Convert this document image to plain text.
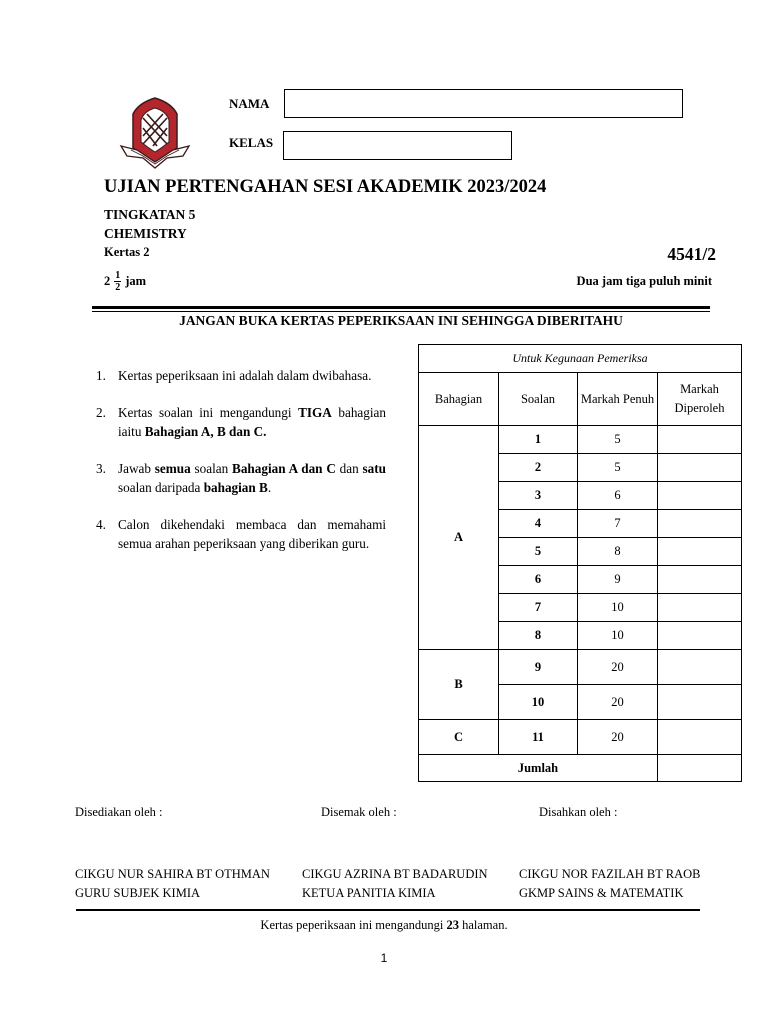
NAMA
KELAS
UJIAN PERTENGAHAN SESI AKADEMIK 2023/2024
TINGKATAN 5
CHEMISTRY
Kertas 2	4541/2
$2 \frac{1}{2}$ jam	Dua jam tiga puluh minit
JANGAN BUKA KERTAS PEPERIKSAAN INI SEHINGGA DIBERITAHU
1. Kertas peperiksaan ini adalah dalam dwibahasa.
2. Kertas soalan ini mengandungi TIGA bahagian iaitu Bahagian A, B dan C.
3. Jawab semua soalan Bahagian A dan C dan satu soalan daripada bahagian B.
4. Calon dikehendaki membaca dan memahami semua arahan peperiksaan yang diberikan guru.
Untuk Kegunaan Pemeriksa			
Bahagian	Soalan	Markah Penuh	Markah Diperoleh
A	1	5	
	2	5	
	3	6	
	4	7	
	5	8	
	6	9	
	7	10	
	8	10	
B	9	20	
	10	20	
C	11	20	
Jumlah			
Disediakan oleh :
CIKGU NUR SAHIRA BT OTHMAN
GURU SUBJEK KIMIA
Disemak oleh :
CIKGU AZRINA BT BADARUDIN
KETUA PANITIA KIMIA
Disahkan oleh :
CIKGU NOR FAZILAH BT RAOB
GKMP SAINS & MATEMATIK
Kertas peperiksaan ini mengandungi 23 halaman.
1
